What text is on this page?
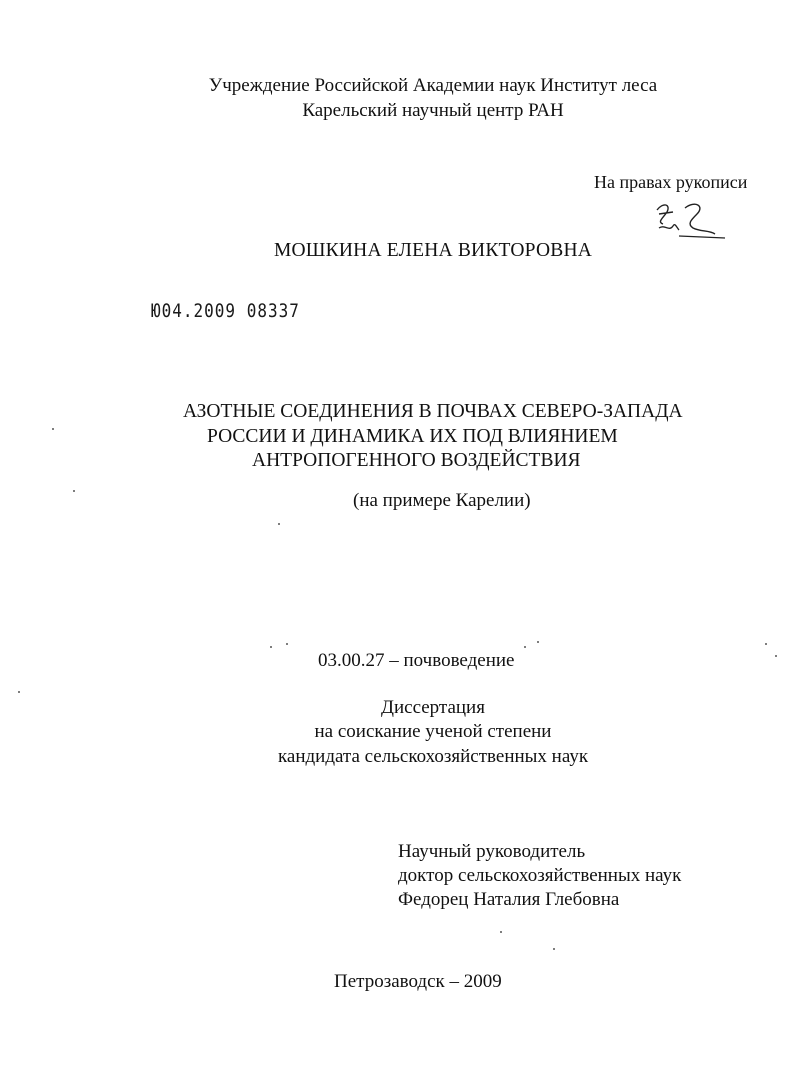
Учреждение Российской Академии наук Институт леса
Карельский научный центр РАН
На правах рукописи
МОШКИНА ЕЛЕНА ВИКТОРОВНА
Ю04.2009 08337
АЗОТНЫЕ СОЕДИНЕНИЯ В ПОЧВАХ СЕВЕРО-ЗАПАДА
РОССИИ И ДИНАМИКА ИХ ПОД ВЛИЯНИЕМ
АНТРОПОГЕННОГО ВОЗДЕЙСТВИЯ
(на примере Карелии)
03.00.27 – почвоведение
Диссертация
на соискание ученой степени
кандидата сельскохозяйственных наук
Научный руководитель
доктор сельскохозяйственных наук
Федорец Наталия Глебовна
Петрозаводск – 2009
